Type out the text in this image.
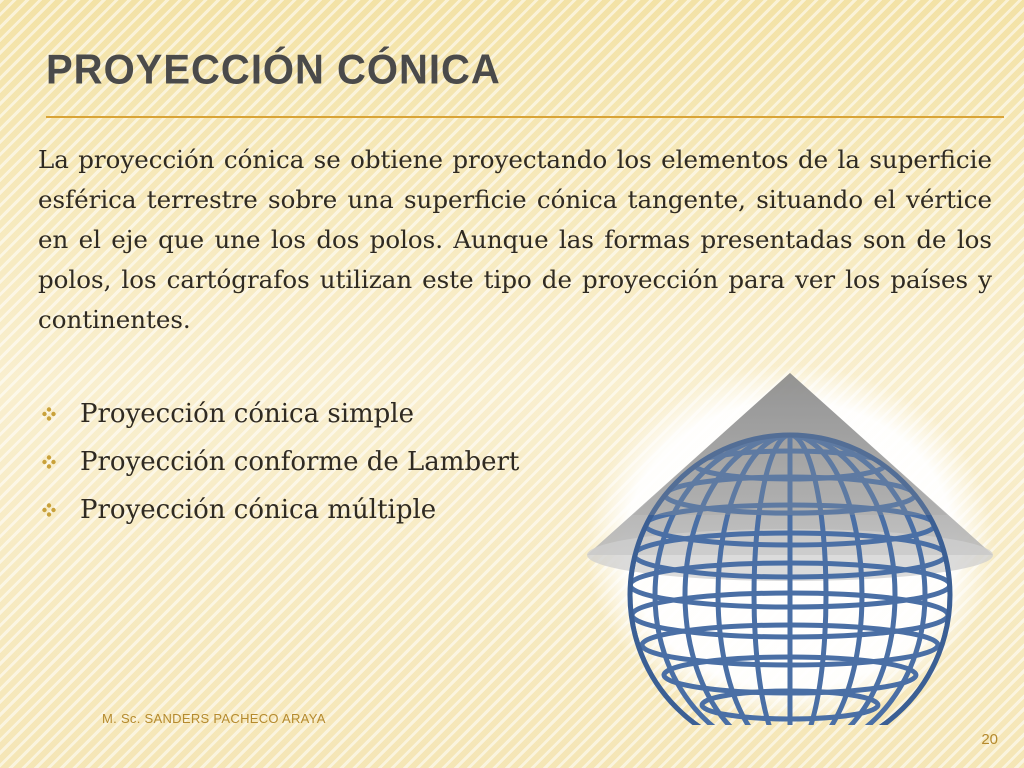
PROYECCIÓN CÓNICA

La proyección cónica se obtiene proyectando los elementos de la superficie esférica terrestre sobre una superficie cónica tangente, situando el vértice en el eje que une los dos polos. Aunque las formas presentadas son de los polos, los cartógrafos utilizan este tipo de proyección para ver los países y continentes.

Proyección cónica simple
Proyección conforme de Lambert
Proyección cónica múltiple
M. Sc. SANDERS PACHECO ARAYA
20
